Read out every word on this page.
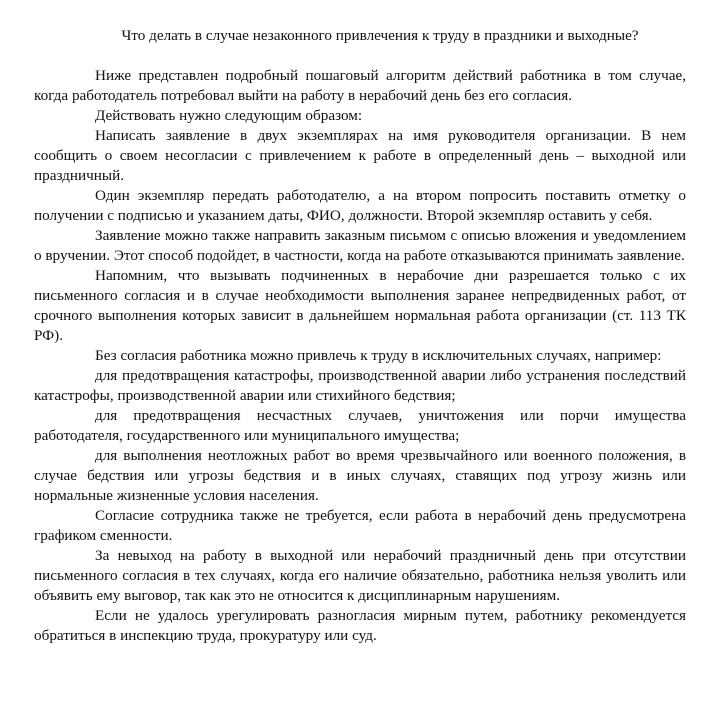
Что делать в случае незаконного привлечения к труду в праздники и выходные?

Ниже представлен подробный пошаговый алгоритм действий работника в том случае, когда работодатель потребовал выйти на работу в нерабочий день без его согласия.

Действовать нужно следующим образом:

Написать заявление в двух экземплярах на имя руководителя организации. В нем сообщить о своем несогласии с привлечением к работе в определенный день – выходной или праздничный.

Один экземпляр передать работодателю, а на втором попросить поставить отметку о получении с подписью и указанием даты, ФИО, должности. Второй экземпляр оставить у себя.

Заявление можно также направить заказным письмом с описью вложения и уведомлением о вручении. Этот способ подойдет, в частности, когда на работе отказываются принимать заявление.

Напомним, что вызывать подчиненных в нерабочие дни разрешается только с их письменного согласия и в случае необходимости выполнения заранее непредвиденных работ, от срочного выполнения которых зависит в дальнейшем нормальная работа организации (ст. 113 ТК РФ).

Без согласия работника можно привлечь к труду в исключительных случаях, например:

для предотвращения катастрофы, производственной аварии либо устранения последствий катастрофы, производственной аварии или стихийного бедствия;

для предотвращения несчастных случаев, уничтожения или порчи имущества работодателя, государственного или муниципального имущества;

для выполнения неотложных работ во время чрезвычайного или военного положения, в случае бедствия или угрозы бедствия и в иных случаях, ставящих под угрозу жизнь или нормальные жизненные условия населения.

Согласие сотрудника также не требуется, если работа в нерабочий день предусмотрена графиком сменности.

За невыход на работу в выходной или нерабочий праздничный день при отсутствии письменного согласия в тех случаях, когда его наличие обязательно, работника нельзя уволить или объявить ему выговор, так как это не относится к дисциплинарным нарушениям.

Если не удалось урегулировать разногласия мирным путем, работнику рекомендуется обратиться в инспекцию труда, прокуратуру или суд.
